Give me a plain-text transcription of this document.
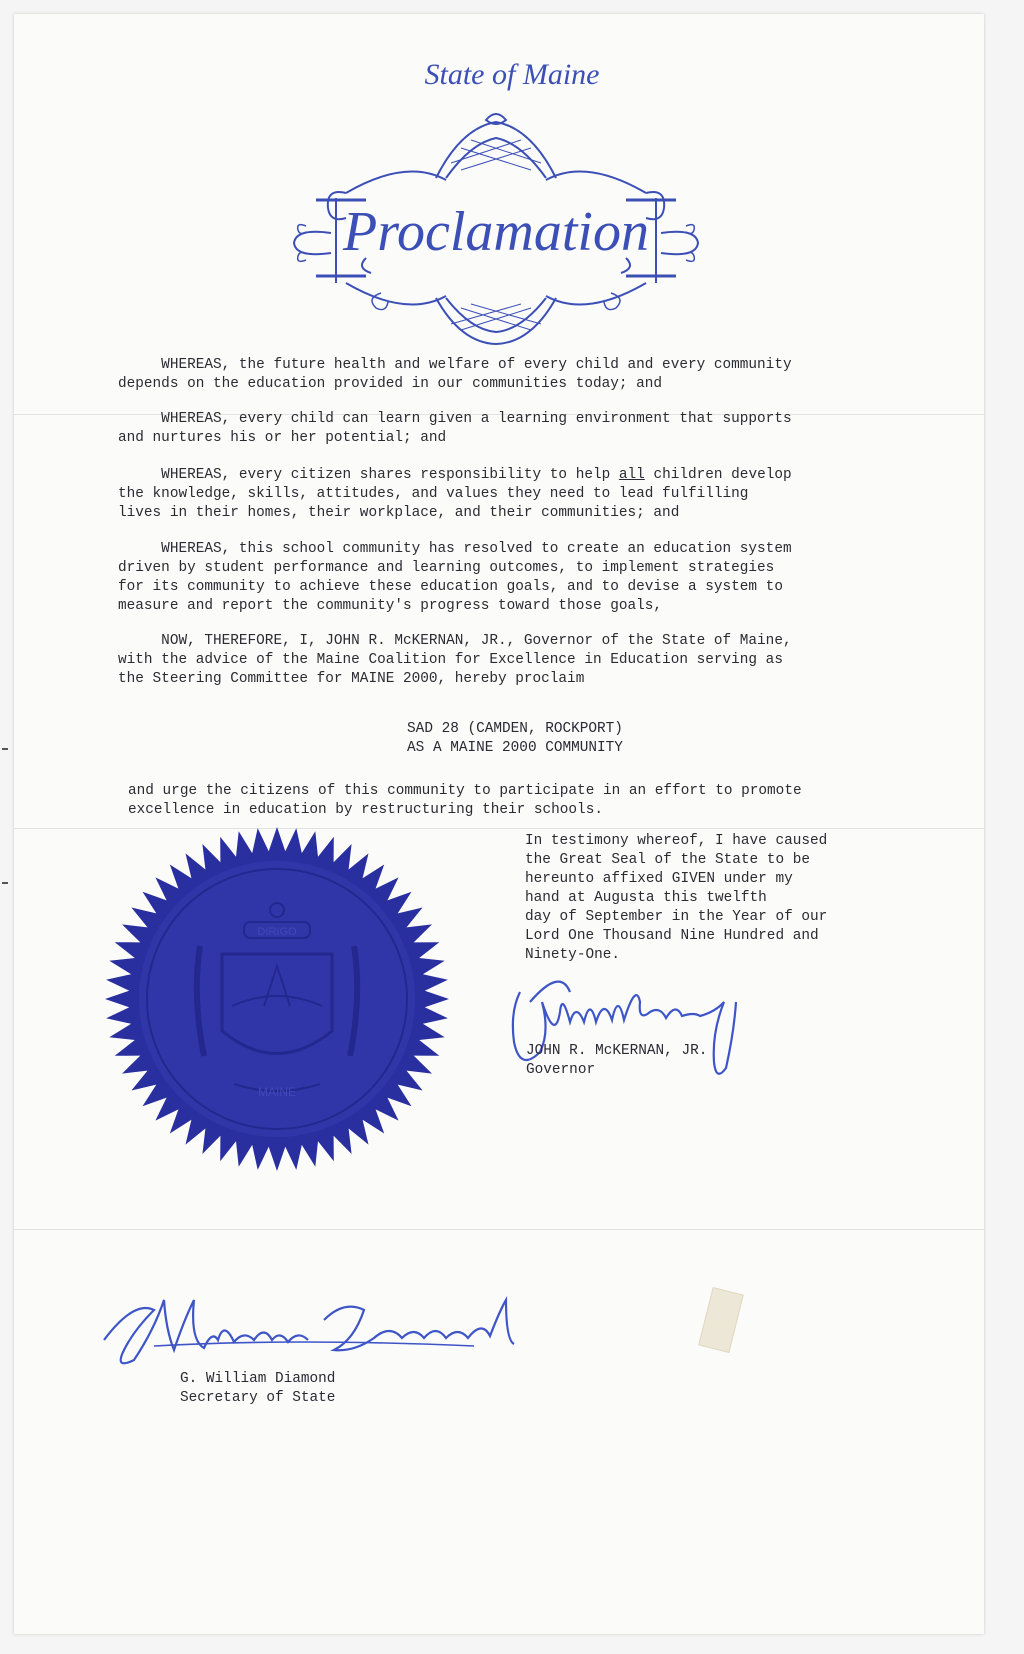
State of Maine
Proclamation
WHEREAS, the future health and welfare of every child and every community
depends on the education provided in our communities today; and
WHEREAS, every child can learn given a learning environment that supports
and nurtures his or her potential; and
WHEREAS, every citizen shares responsibility to help all children develop
the knowledge, skills, attitudes, and values they need to lead fulfilling
lives in their homes, their workplace, and their communities; and
WHEREAS, this school community has resolved to create an education system
driven by student performance and learning outcomes, to implement strategies
for its community to achieve these education goals, and to devise a system to
measure and report the community's progress toward those goals,
NOW, THEREFORE, I, JOHN R. McKERNAN, JR., Governor of the State of Maine,
with the advice of the Maine Coalition for Excellence in Education serving as
the Steering Committee for MAINE 2000, hereby proclaim
SAD 28 (CAMDEN, ROCKPORT)
AS A MAINE 2000 COMMUNITY
and urge the citizens of this community to participate in an effort to promote
excellence in education by restructuring their schools.
In testimony whereof, I have caused
the Great Seal of the State to be
hereunto affixed GIVEN under my
hand at Augusta this twelfth
day of September in the Year of our
Lord One Thousand Nine Hundred and
Ninety-One.
DIRIGO
MAINE
JOHN R. McKERNAN, JR.
Governor
G. William Diamond
Secretary of State
